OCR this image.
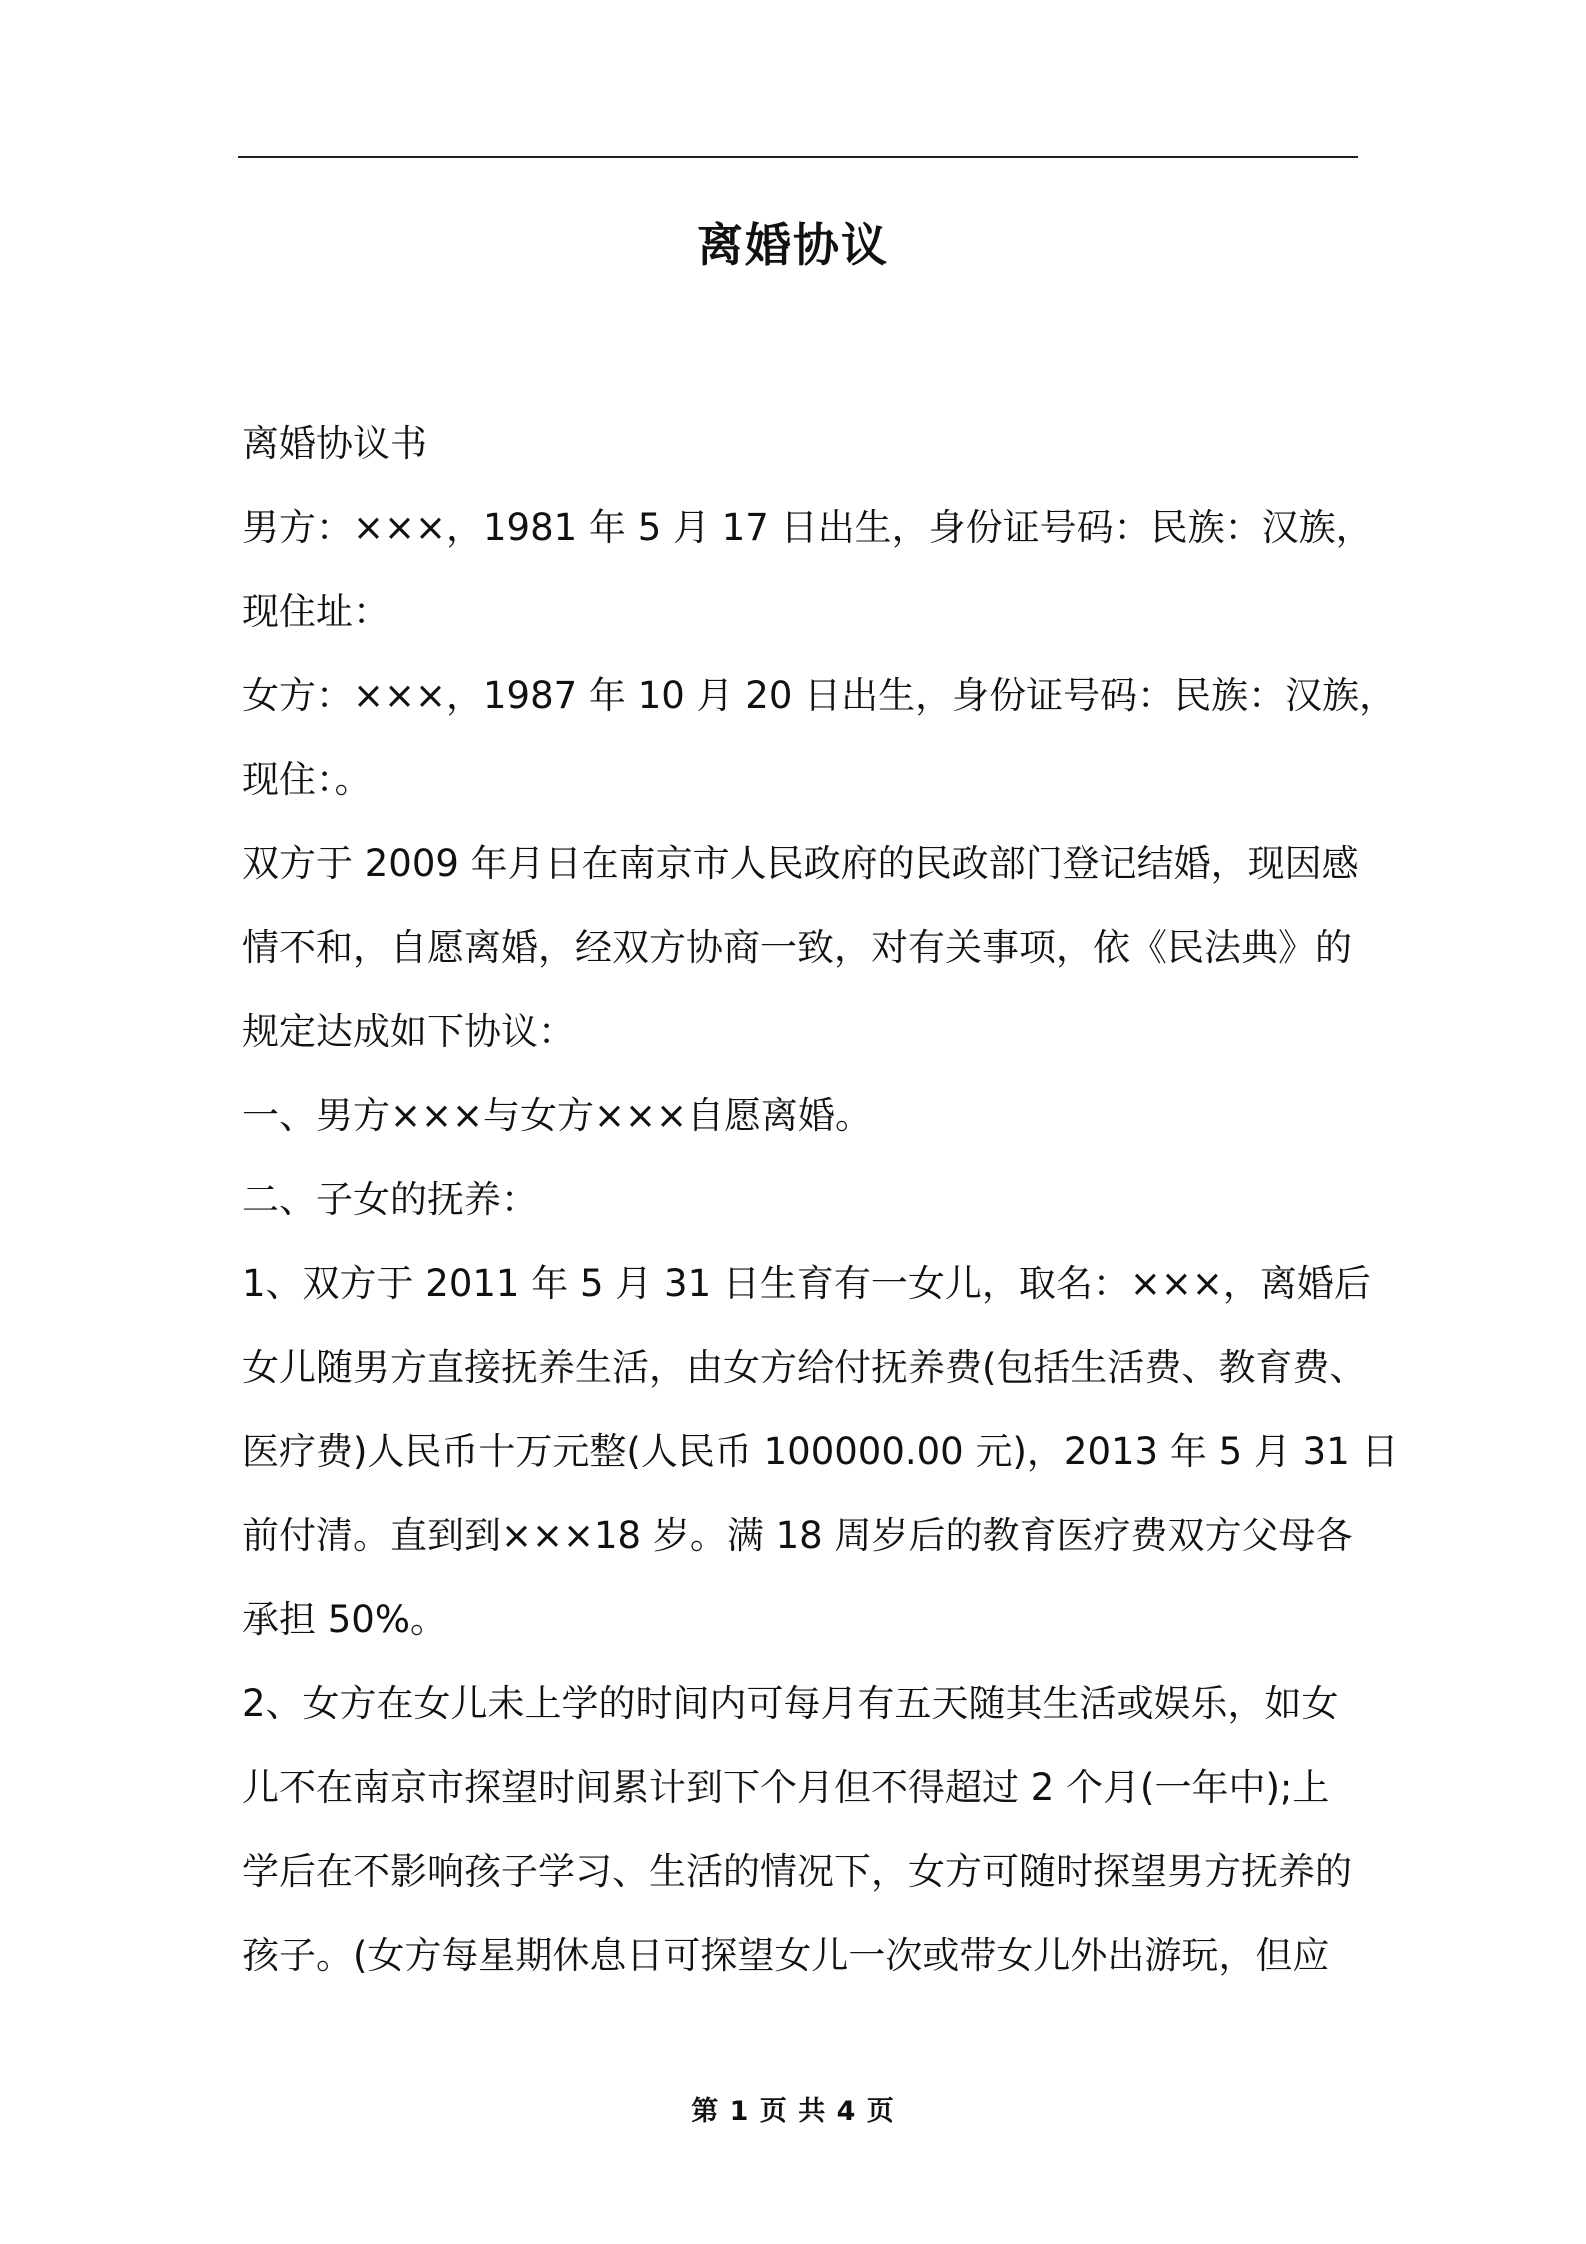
离婚协议

离婚协议书

男方：×××，1981 年 5 月 17 日出生，身份证号码：民族：汉族，

现住址：

女方：×××，1987 年 10 月 20 日出生，身份证号码：民族：汉族，

现住：。

双方于 2009 年月日在南京市人民政府的民政部门登记结婚，现因感

情不和，自愿离婚，经双方协商一致，对有关事项，依《民法典》的

规定达成如下协议：

一、男方×××与女方×××自愿离婚。

二、子女的抚养：

1、双方于 2011 年 5 月 31 日生育有一女儿，取名：×××，离婚后

女儿随男方直接抚养生活，由女方给付抚养费(包括生活费、教育费、

医疗费)人民币十万元整(人民币 100000.00 元)，2013 年 5 月 31 日

前付清。直到到×××18 岁。满 18 周岁后的教育医疗费双方父母各

承担 50%。

2、女方在女儿未上学的时间内可每月有五天随其生活或娱乐，如女

儿不在南京市探望时间累计到下个月但不得超过 2 个月(一年中);上

学后在不影响孩子学习、生活的情况下，女方可随时探望男方抚养的

孩子。(女方每星期休息日可探望女儿一次或带女儿外出游玩，但应

第 1 页 共 4 页
